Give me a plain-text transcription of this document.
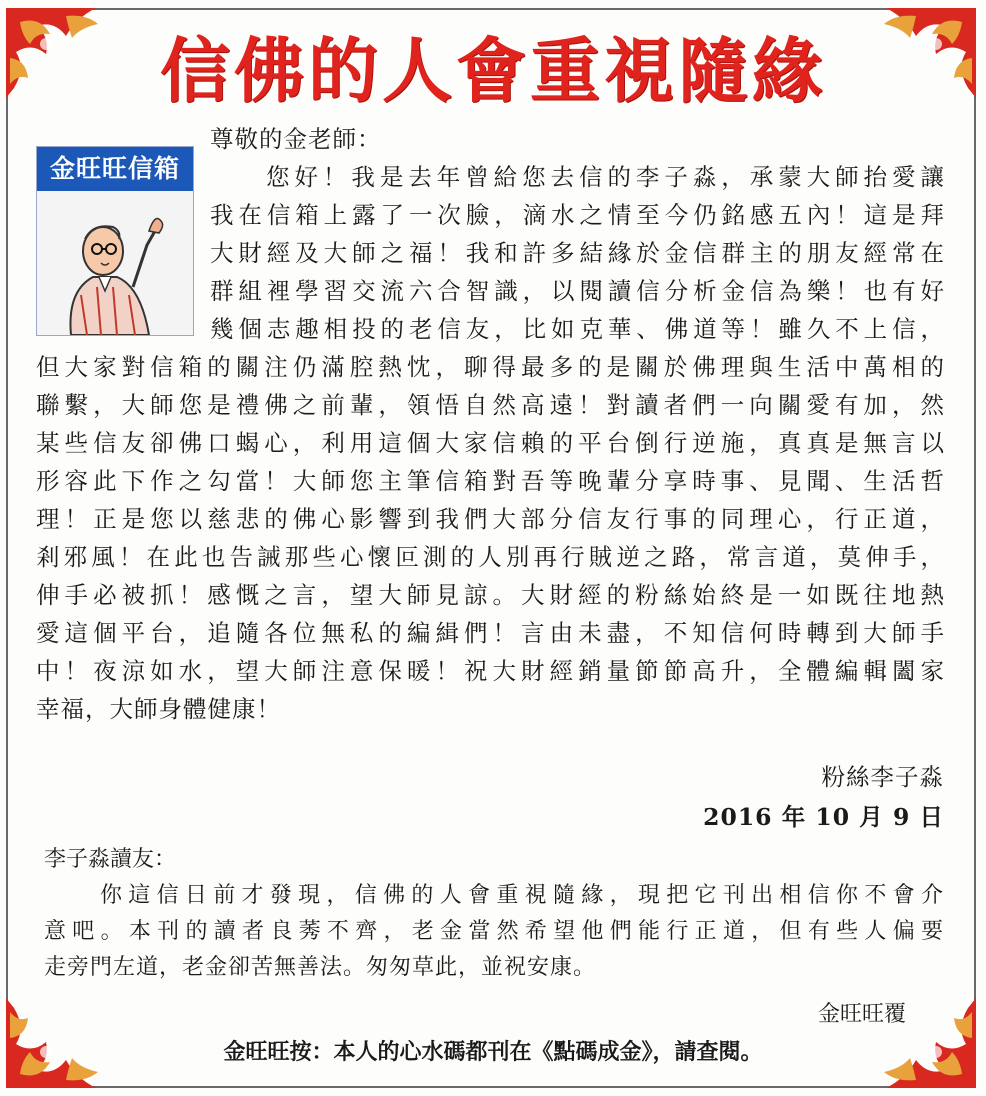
信佛的人會重視隨緣
金旺旺信箱
尊敬的金老師：
您好！我是去年曾給您去信的李子淼，承蒙大師抬愛讓
我在信箱上露了一次臉，滴水之情至今仍銘感五內！這是拜
大財經及大師之福！我和許多結緣於金信群主的朋友經常在
群組裡學習交流六合智識，以閱讀信分析金信為樂！也有好
幾個志趣相投的老信友，比如克華、佛道等！雖久不上信，
但大家對信箱的關注仍滿腔熱忱，聊得最多的是關於佛理與生活中萬相的
聯繫，大師您是禮佛之前輩，領悟自然高遠！對讀者們一向關愛有加，然
某些信友卻佛口蝎心，利用這個大家信賴的平台倒行逆施，真真是無言以
形容此下作之勾當！大師您主筆信箱對吾等晚輩分享時事、見聞、生活哲
理！正是您以慈悲的佛心影響到我們大部分信友行事的同理心，行正道，
剎邪風！在此也告誡那些心懷叵測的人別再行賊逆之路，常言道，莫伸手，
伸手必被抓！感慨之言，望大師見諒。大財經的粉絲始終是一如既往地熱
愛這個平台，追隨各位無私的編緝們！言由未盡，不知信何時轉到大師手
中！夜涼如水，望大師注意保暖！祝大財經銷量節節高升，全體編輯闔家
幸福，大師身體健康！
粉絲李子淼
2016 年 10 月 9 日
李子淼讀友：
你這信日前才發現，信佛的人會重視隨緣，現把它刊出相信你不會介
意吧。本刊的讀者良莠不齊，老金當然希望他們能行正道，但有些人偏要
走旁門左道，老金卻苦無善法。匆匆草此，並祝安康。
金旺旺覆
金旺旺按：本人的心水碼都刊在《點碼成金》，請查閱。
